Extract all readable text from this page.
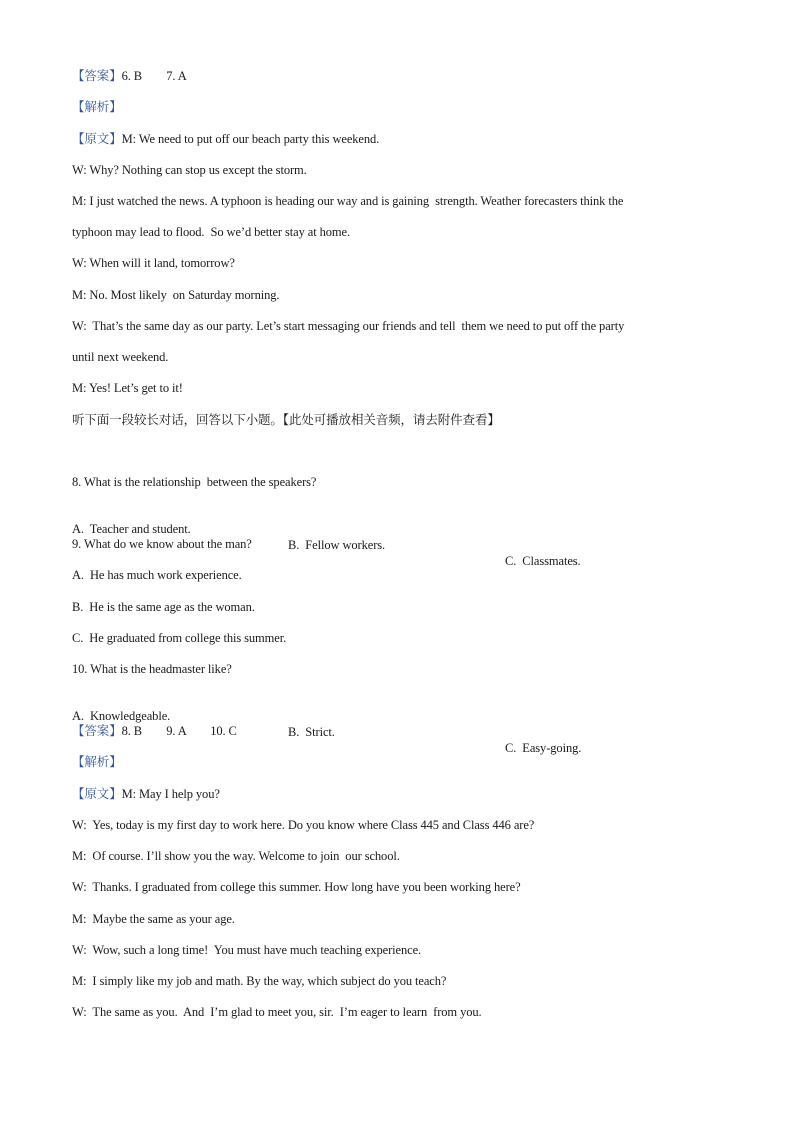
【答案】6. B        7. A
【解析】
【原文】M: We need to put off our beach party this weekend.
W: Why? Nothing can stop us except the storm.
M: I just watched the news. A typhoon is heading our way and is gaining  strength. Weather forecasters think the
typhoon may lead to flood.  So we’d better stay at home.
W: When will it land, tomorrow?
M: No. Most likely  on Saturday morning.
W:  That’s the same day as our party. Let’s start messaging our friends and tell  them we need to put off the party
until next weekend.
M: Yes! Let’s get to it!
听下面一段较长对话，回答以下小题。【此处可播放相关音频，请去附件查看】
8. What is the relationship  between the speakers?

A.  Teacher and student.

B.  Fellow workers.

C.  Classmates.

9. What do we know about the man?
A.  He has much work experience.
B.  He is the same age as the woman.
C.  He graduated from college this summer.
10. What is the headmaster like?

A.  Knowledgeable.

B.  Strict.

C.  Easy-going.

【答案】8. B        9. A        10. C
【解析】
【原文】M: May I help you?
W:  Yes, today is my first day to work here. Do you know where Class 445 and Class 446 are?
M:  Of course. I’ll show you the way. Welcome to join  our school.
W:  Thanks. I graduated from college this summer. How long have you been working here?
M:  Maybe the same as your age.
W:  Wow, such a long time!  You must have much teaching experience.
M:  I simply like my job and math. By the way, which subject do you teach?
W:  The same as you.  And  I’m glad to meet you, sir.  I’m eager to learn  from you.
